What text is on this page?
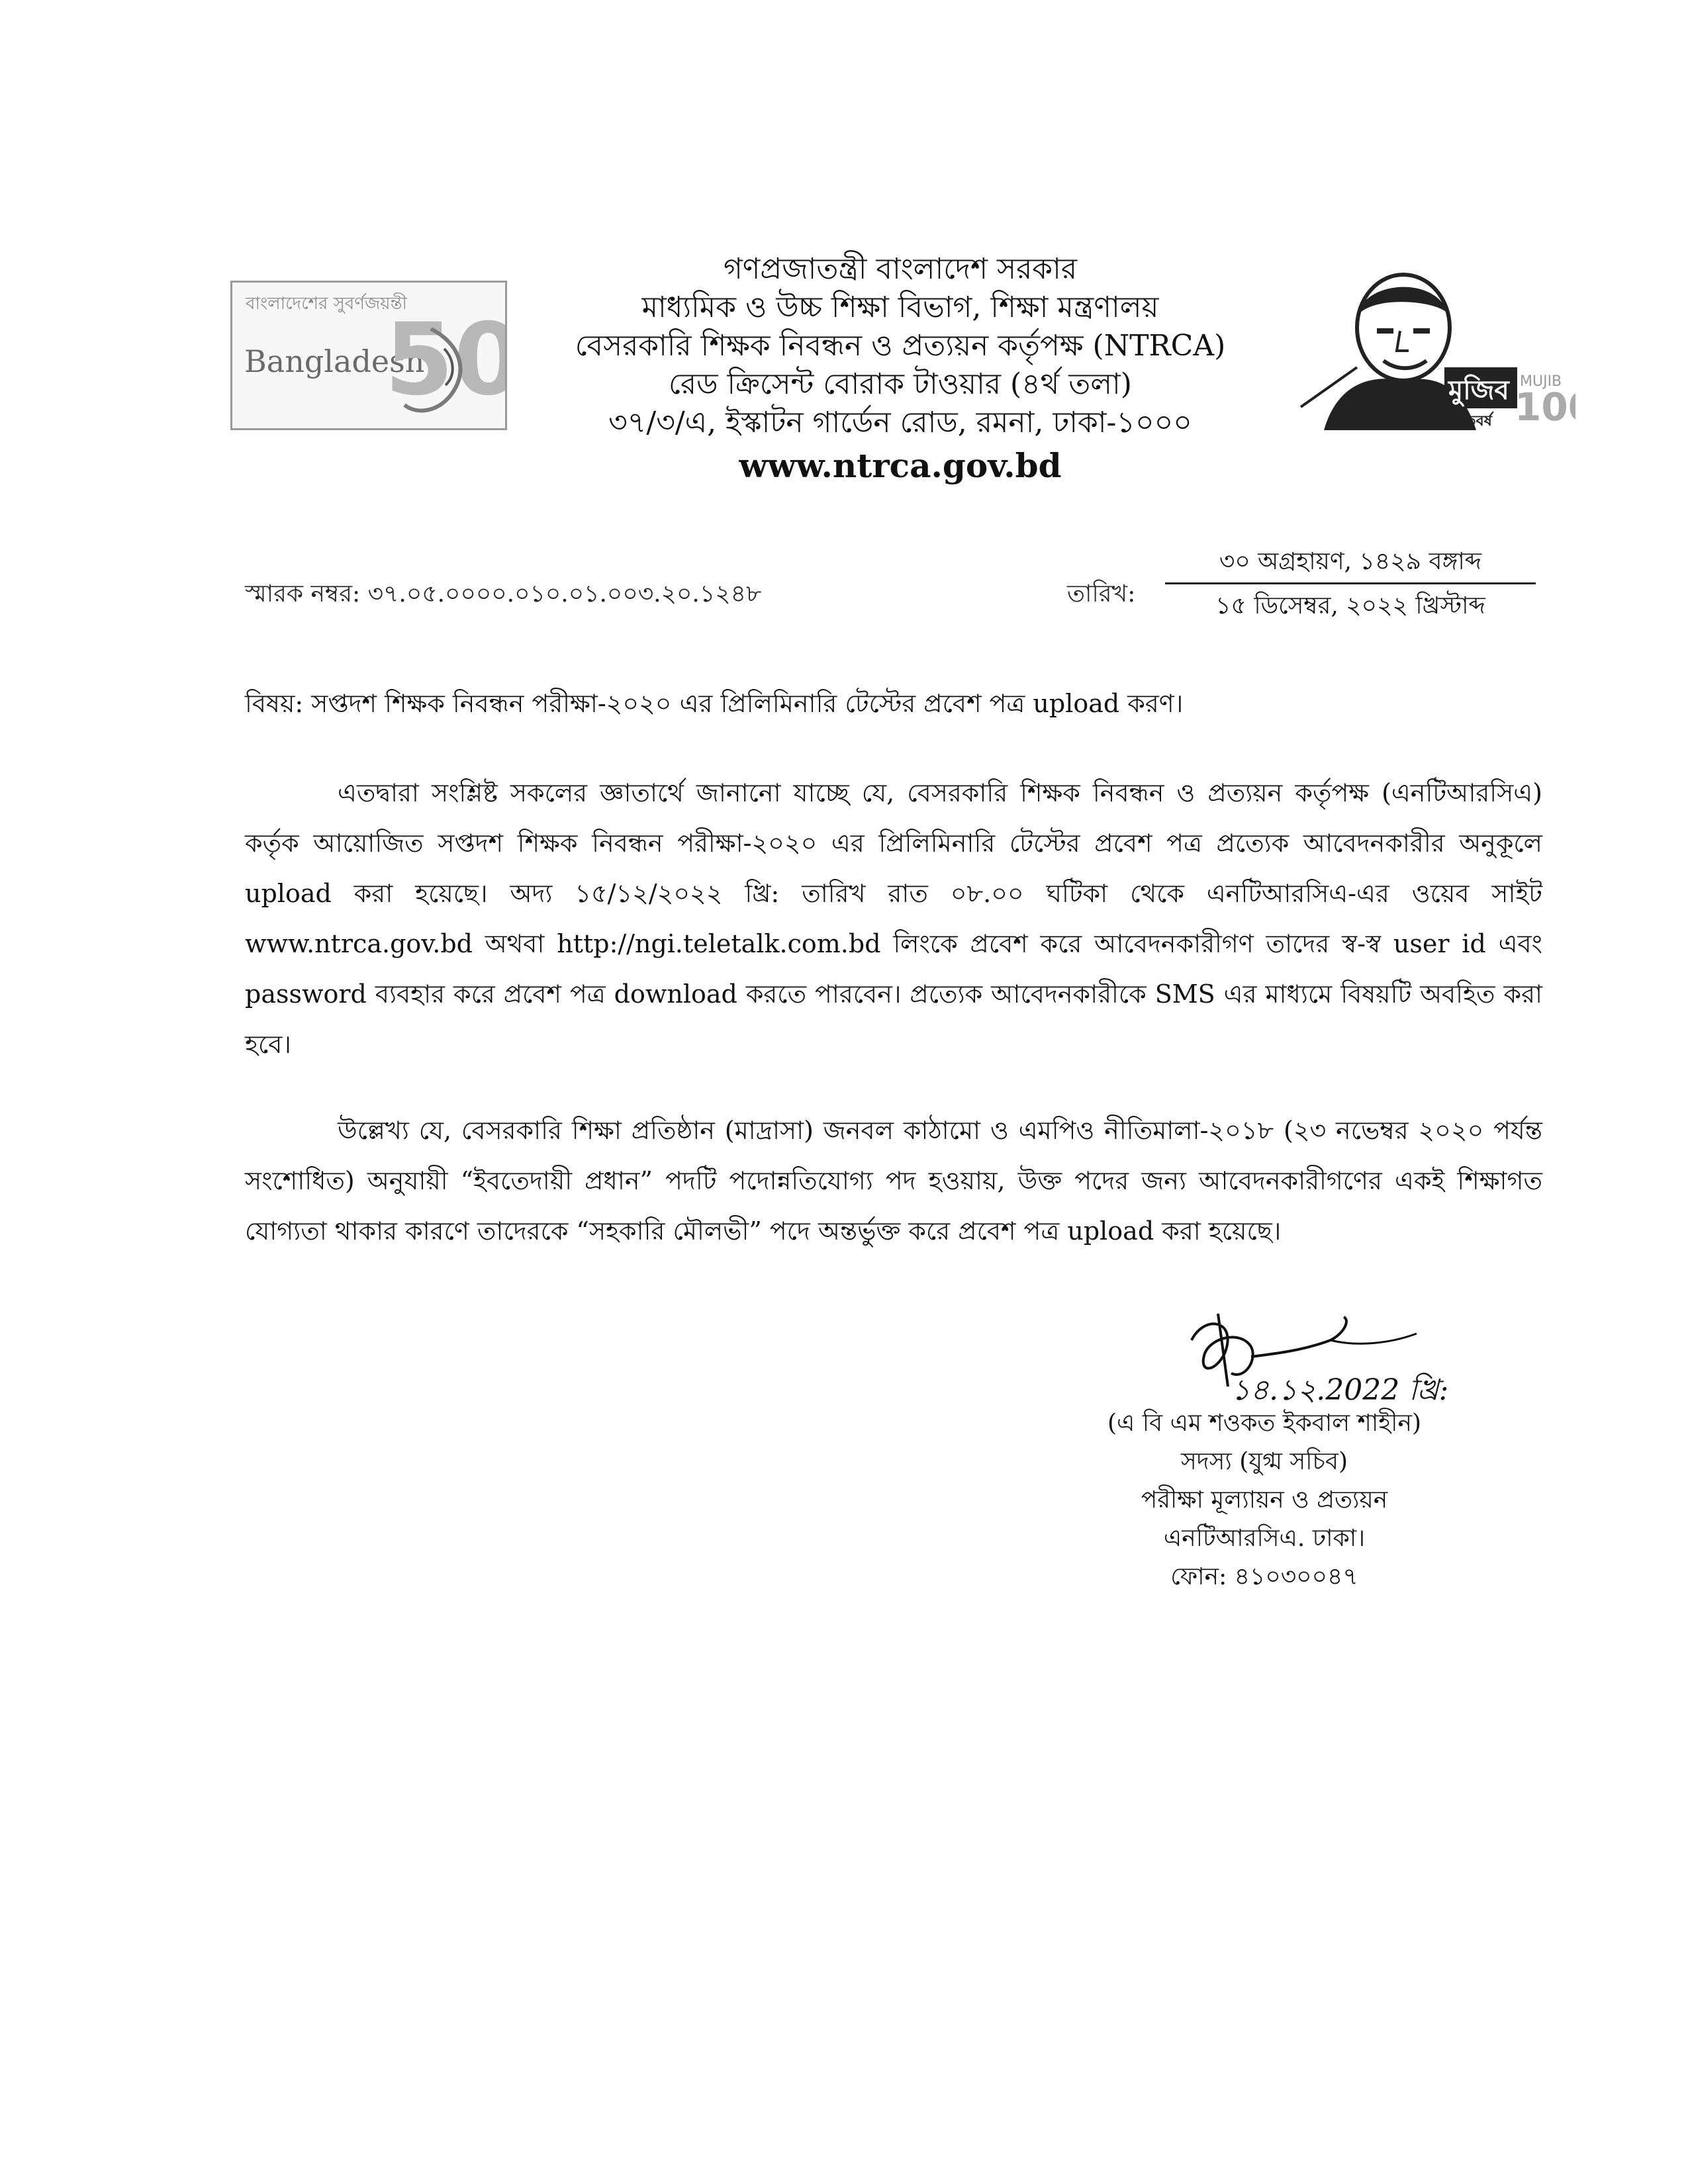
বাংলাদেশের সুবর্ণজয়ন্তী
Bangladesh
50
গণপ্রজাতন্ত্রী বাংলাদেশ সরকার
মাধ্যমিক ও উচ্চ শিক্ষা বিভাগ, শিক্ষা মন্ত্রণালয়
বেসরকারি শিক্ষক নিবন্ধন ও প্রত্যয়ন কর্তৃপক্ষ (NTRCA)
রেড ক্রিসেন্ট বোরাক টাওয়ার (৪র্থ তলা)
৩৭/৩/এ, ইস্কাটন গার্ডেন রোড, রমনা, ঢাকা-১০০০
www.ntrca.gov.bd
মুজিব
শতবর্ষ
MUJIB
10
স্মারক নম্বর: ৩৭.০৫.০০০০.০১০.০১.০০৩.২০.১২৪৮	তারিখ:
৩০ অগ্রহায়ণ, ১৪২৯ বঙ্গাব্দ
১৫ ডিসেম্বর, ২০২২ খ্রিস্টাব্দ
বিষয়: সপ্তদশ শিক্ষক নিবন্ধন পরীক্ষা-২০২০ এর প্রিলিমিনারি টেস্টের প্রবেশ পত্র upload করণ।
এতদ্বারা সংশ্লিষ্ট সকলের জ্ঞাতার্থে জানানো যাচ্ছে যে, বেসরকারি শিক্ষক নিবন্ধন ও প্রত্যয়ন কর্তৃপক্ষ (এনটিআরসিএ) কর্তৃক আয়োজিত সপ্তদশ শিক্ষক নিবন্ধন পরীক্ষা-২০২০ এর প্রিলিমিনারি টেস্টের প্রবেশ পত্র প্রত্যেক আবেদনকারীর অনুকূলে upload করা হয়েছে। অদ্য ১৫/১২/২০২২ খ্রি: তারিখ রাত ০৮.০০ ঘটিকা থেকে এনটিআরসিএ-এর ওয়েব সাইট www.ntrca.gov.bd অথবা http://ngi.teletalk.com.bd লিংকে প্রবেশ করে আবেদনকারীগণ তাদের স্ব-স্ব user id এবং password ব্যবহার করে প্রবেশ পত্র download করতে পারবেন। প্রত্যেক আবেদনকারীকে SMS এর মাধ্যমে বিষয়টি অবহিত করা হবে।
উল্লেখ্য যে, বেসরকারি শিক্ষা প্রতিষ্ঠান (মাদ্রাসা) জনবল কাঠামো ও এমপিও নীতিমালা-২০১৮ (২৩ নভেম্বর ২০২০ পর্যন্ত সংশোধিত) অনুযায়ী “ইবতেদায়ী প্রধান” পদটি পদোন্নতিযোগ্য পদ হওয়ায়, উক্ত পদের জন্য আবেদনকারীগণের একই শিক্ষাগত যোগ্যতা থাকার কারণে তাদেরকে “সহকারি মৌলভী” পদে অন্তর্ভুক্ত করে প্রবেশ পত্র upload করা হয়েছে।
১৪.১২.2022 খ্রি:
(এ বি এম শওকত ইকবাল শাহীন)
সদস্য (যুগ্ম সচিব)
পরীক্ষা মূল্যায়ন ও প্রত্যয়ন
এনটিআরসিএ. ঢাকা।
ফোন: ৪১০৩০০৪৭
